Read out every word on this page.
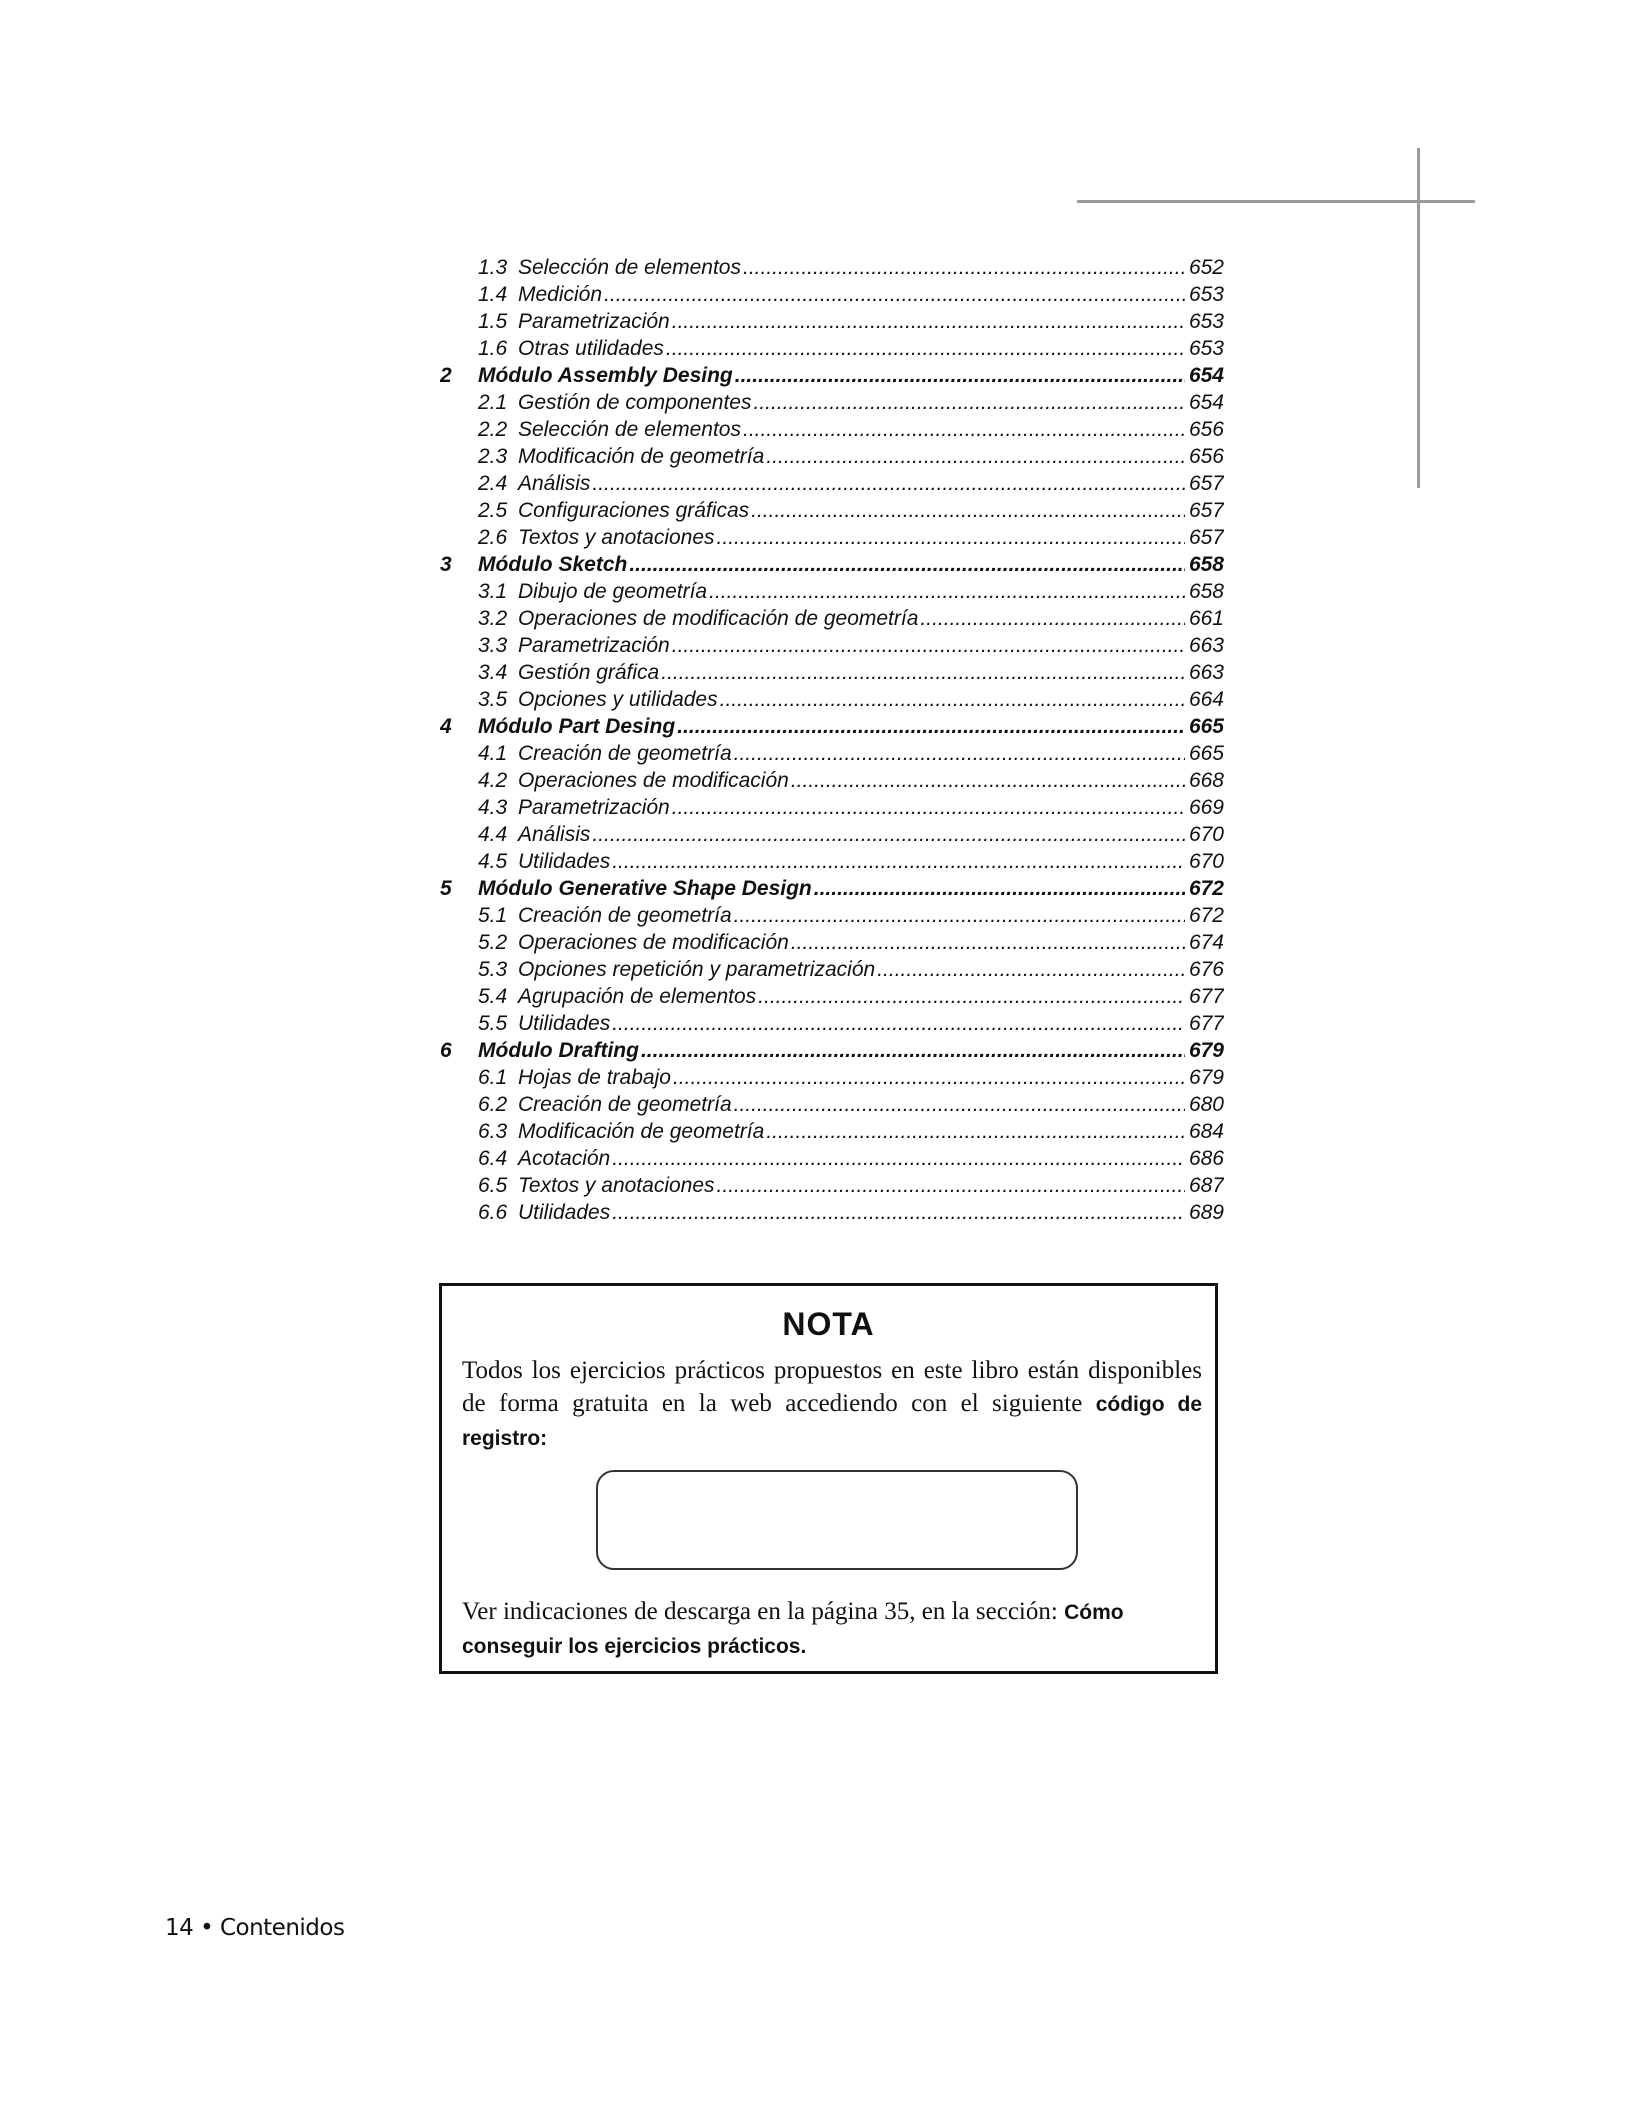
1.3 Selección de elementos .....	652
1.4 Medición .....	653
1.5 Parametrización .....	653
1.6 Otras utilidades .....	653
2	Módulo Assembly Desing .....	654
2.1 Gestión de componentes .....	654
2.2 Selección de elementos .....	656
2.3 Modificación de geometría .....	656
2.4 Análisis .....	657
2.5 Configuraciones gráficas .....	657
2.6 Textos y anotaciones .....	657
3	Módulo Sketch .....	658
3.1 Dibujo de geometría .....	658
3.2 Operaciones de modificación de geometría .....	661
3.3 Parametrización .....	663
3.4 Gestión gráfica .....	663
3.5 Opciones y utilidades .....	664
4	Módulo Part Desing .....	665
4.1 Creación de geometría .....	665
4.2 Operaciones de modificación .....	668
4.3 Parametrización .....	669
4.4 Análisis .....	670
4.5 Utilidades .....	670
5	Módulo Generative Shape Design .....	672
5.1 Creación de geometría .....	672
5.2 Operaciones de modificación .....	674
5.3 Opciones repetición y parametrización .....	676
5.4 Agrupación de elementos .....	677
5.5 Utilidades .....	677
6	Módulo Drafting .....	679
6.1 Hojas de trabajo .....	679
6.2 Creación de geometría .....	680
6.3 Modificación de geometría .....	684
6.4 Acotación .....	686
6.5 Textos y anotaciones .....	687
6.6 Utilidades .....	689
NOTA
Todos los ejercicios prácticos propuestos en este libro están disponibles de forma gratuita en la web accediendo con el siguiente código de registro:
Ver indicaciones de descarga en la página 35, en la sección: Cómo conseguir los ejercicios prácticos.
14 • Contenidos
